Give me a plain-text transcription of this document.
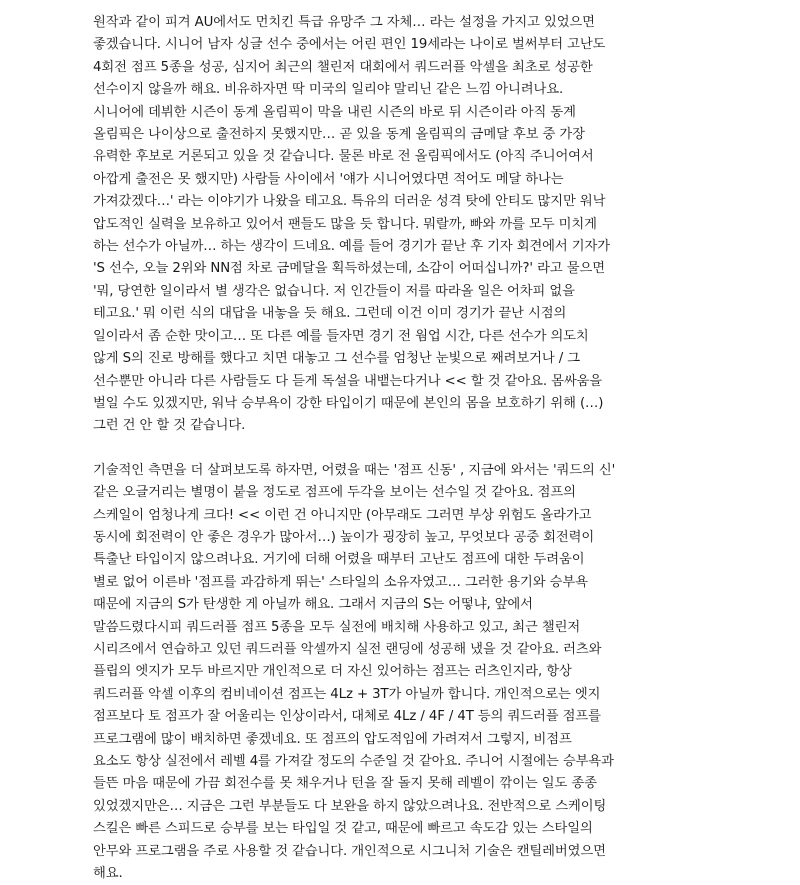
원작과 같이 피겨 AU에서도 먼치킨 특급 유망주 그 자체… 라는 설정을 가지고 있었으면
좋겠습니다. 시니어 남자 싱글 선수 중에서는 어린 편인 19세라는 나이로 벌써부터 고난도
4회전 점프 5종을 성공, 심지어 최근의 챌린저 대회에서 쿼드러플 악셀을 최초로 성공한
선수이지 않을까 해요. 비유하자면 딱 미국의 일리야 말리닌 같은 느낌 아니려나요.
시니어에 데뷔한 시즌이 동계 올림픽이 막을 내린 시즌의 바로 뒤 시즌이라 아직 동계
올림픽은 나이상으로 출전하지 못했지만… 곧 있을 동계 올림픽의 금메달 후보 중 가장
유력한 후보로 거론되고 있을 것 같습니다. 물론 바로 전 올림픽에서도 (아직 주니어여서
아깝게 출전은 못 했지만) 사람들 사이에서 '얘가 시니어였다면 적어도 메달 하나는
가져갔겠다…' 라는 이야기가 나왔을 테고요. 특유의 더러운 성격 탓에 안티도 많지만 워낙
압도적인 실력을 보유하고 있어서 팬들도 많을 듯 합니다. 뭐랄까, 빠와 까를 모두 미치게
하는 선수가 아닐까… 하는 생각이 드네요. 예를 들어 경기가 끝난 후 기자 회견에서 기자가
'S 선수, 오늘 2위와 NN점 차로 금메달을 획득하셨는데, 소감이 어떠십니까?' 라고 물으면
'뭐, 당연한 일이라서 별 생각은 없습니다. 저 인간들이 저를 따라올 일은 어차피 없을
테고요.' 뭐 이런 식의 대답을 내놓을 듯 해요. 그런데 이건 이미 경기가 끝난 시점의
일이라서 좀 순한 맛이고… 또 다른 예를 들자면 경기 전 웜업 시간, 다른 선수가 의도치
않게 S의 진로 방해를 했다고 치면 대놓고 그 선수를 엄청난 눈빛으로 째려보거나 / 그
선수뿐만 아니라 다른 사람들도 다 듣게 독설을 내뱉는다거나 << 할 것 같아요. 몸싸움을
벌일 수도 있겠지만, 워낙 승부욕이 강한 타입이기 때문에 본인의 몸을 보호하기 위해 (…)
그런 건 안 할 것 같습니다.
기술적인 측면을 더 살펴보도록 하자면, 어렸을 때는 '점프 신동' , 지금에 와서는 '쿼드의 신'
같은 오글거리는 별명이 붙을 정도로 점프에 두각을 보이는 선수일 것 같아요. 점프의
스케일이 엄청나게 크다! << 이런 건 아니지만 (아무래도 그러면 부상 위험도 올라가고
동시에 회전력이 안 좋은 경우가 많아서…) 높이가 굉장히 높고, 무엇보다 공중 회전력이
특출난 타입이지 않으려나요. 거기에 더해 어렸을 때부터 고난도 점프에 대한 두려움이
별로 없어 이른바 '점프를 과감하게 뛰는' 스타일의 소유자였고… 그러한 용기와 승부욕
때문에 지금의 S가 탄생한 게 아닐까 해요. 그래서 지금의 S는 어떻냐, 앞에서
말씀드렸다시피 쿼드러플 점프 5종을 모두 실전에 배치해 사용하고 있고, 최근 챌린저
시리즈에서 연습하고 있던 쿼드러플 악셀까지 실전 랜딩에 성공해 냈을 것 같아요. 러츠와
플립의 엣지가 모두 바르지만 개인적으로 더 자신 있어하는 점프는 러츠인지라, 항상
쿼드러플 악셀 이후의 컴비네이션 점프는 4Lz + 3T가 아닐까 합니다. 개인적으로는 엣지
점프보다 토 점프가 잘 어울리는 인상이라서, 대체로 4Lz / 4F / 4T 등의 쿼드러플 점프를
프로그램에 많이 배치하면 좋겠네요. 또 점프의 압도적임에 가려져서 그렇지, 비점프
요소도 항상 실전에서 레벨 4를 가져갈 정도의 수준일 것 같아요. 주니어 시절에는 승부욕과
들뜬 마음 때문에 가끔 회전수를 못 채우거나 턴을 잘 돌지 못해 레벨이 깎이는 일도 종종
있었겠지만은… 지금은 그런 부분들도 다 보완을 하지 않았으려나요. 전반적으로 스케이팅
스킬은 빠른 스피드로 승부를 보는 타입일 것 같고, 때문에 빠르고 속도감 있는 스타일의
안무와 프로그램을 주로 사용할 것 같습니다. 개인적으로 시그니처 기술은 캔틸레버였으면
해요.
